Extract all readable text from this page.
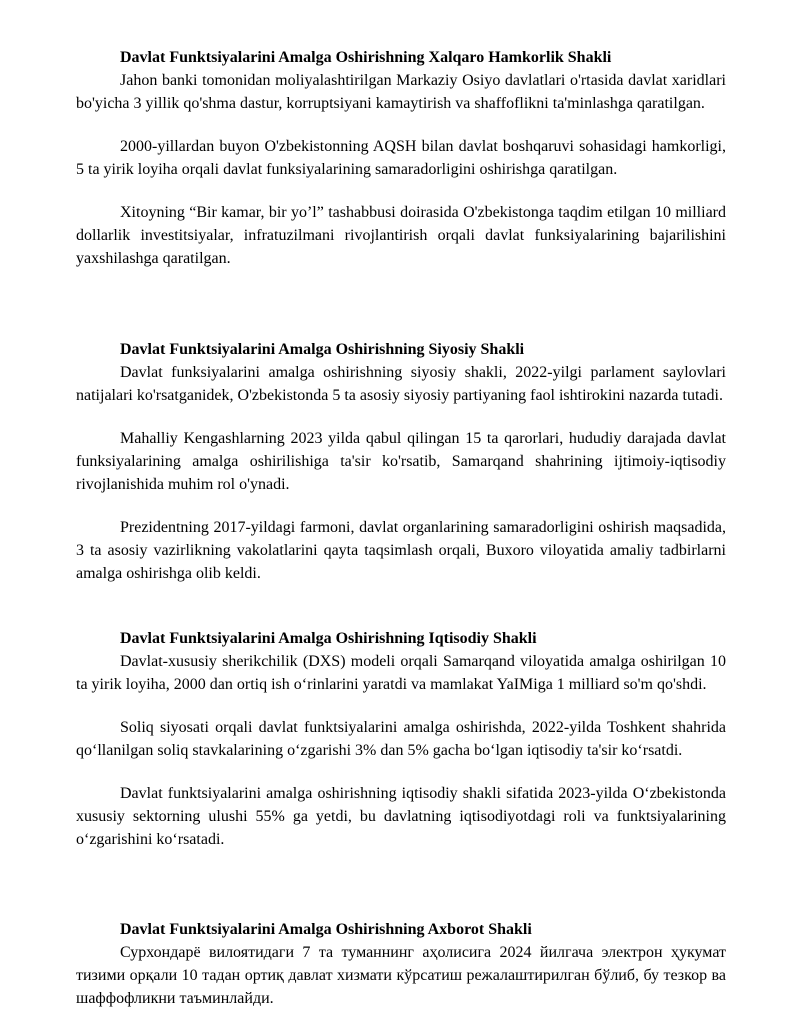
Davlat Funktsiyalarini Amalga Oshirishning Xalqaro Hamkorlik Shakli

Jahon banki tomonidan moliyalashtirilgan Markaziy Osiyo davlatlari o'rtasida davlat xaridlari bo'yicha 3 yillik qo'shma dastur, korruptsiyani kamaytirish va shaffoflikni ta'minlashga qaratilgan.

2000-yillardan buyon O'zbekistonning AQSH bilan davlat boshqaruvi sohasidagi hamkorligi, 5 ta yirik loyiha orqali davlat funksiyalarining samaradorligini oshirishga qaratilgan.

Xitoyning “Bir kamar, bir yo’l” tashabbusi doirasida O'zbekistonga taqdim etilgan 10 milliard dollarlik investitsiyalar, infratuzilmani rivojlantirish orqali davlat funksiyalarining bajarilishini yaxshilashga qaratilgan.

Davlat Funktsiyalarini Amalga Oshirishning Siyosiy Shakli

Davlat funksiyalarini amalga oshirishning siyosiy shakli, 2022-yilgi parlament saylovlari natijalari ko'rsatganidek, O'zbekistonda 5 ta asosiy siyosiy partiyaning faol ishtirokini nazarda tutadi.

Mahalliy Kengashlarning 2023 yilda qabul qilingan 15 ta qarorlari, hududiy darajada davlat funksiyalarining amalga oshirilishiga ta'sir ko'rsatib, Samarqand shahrining ijtimoiy-iqtisodiy rivojlanishida muhim rol o'ynadi.

Prezidentning 2017-yildagi farmoni, davlat organlarining samaradorligini oshirish maqsadida, 3 ta asosiy vazirlikning vakolatlarini qayta taqsimlash orqali, Buxoro viloyatida amaliy tadbirlarni amalga oshirishga olib keldi.

Davlat Funktsiyalarini Amalga Oshirishning Iqtisodiy Shakli

Davlat-xususiy sherikchilik (DXS) modeli orqali Samarqand viloyatida amalga oshirilgan 10 ta yirik loyiha, 2000 dan ortiq ish o‘rinlarini yaratdi va mamlakat YaIMiga 1 milliard so'm qo'shdi.

Soliq siyosati orqali davlat funktsiyalarini amalga oshirishda, 2022-yilda Toshkent shahrida qo‘llanilgan soliq stavkalarining o‘zgarishi 3% dan 5% gacha bo‘lgan iqtisodiy ta'sir ko‘rsatdi.

Davlat funktsiyalarini amalga oshirishning iqtisodiy shakli sifatida 2023-yilda O‘zbekistonda xususiy sektorning ulushi 55% ga yetdi, bu davlatning iqtisodiyotdagi roli va funktsiyalarining o‘zgarishini ko‘rsatadi.

Davlat Funktsiyalarini Amalga Oshirishning Axborot Shakli

Сурхондарё вилоятидаги 7 та туманнинг аҳолисига 2024 йилгача электрон ҳукумат тизими орқали 10 тадан ортиқ давлат хизмати кўрсатиш режалаштирилган бўлиб, бу тезкор ва шаффофликни таъминлайди.
